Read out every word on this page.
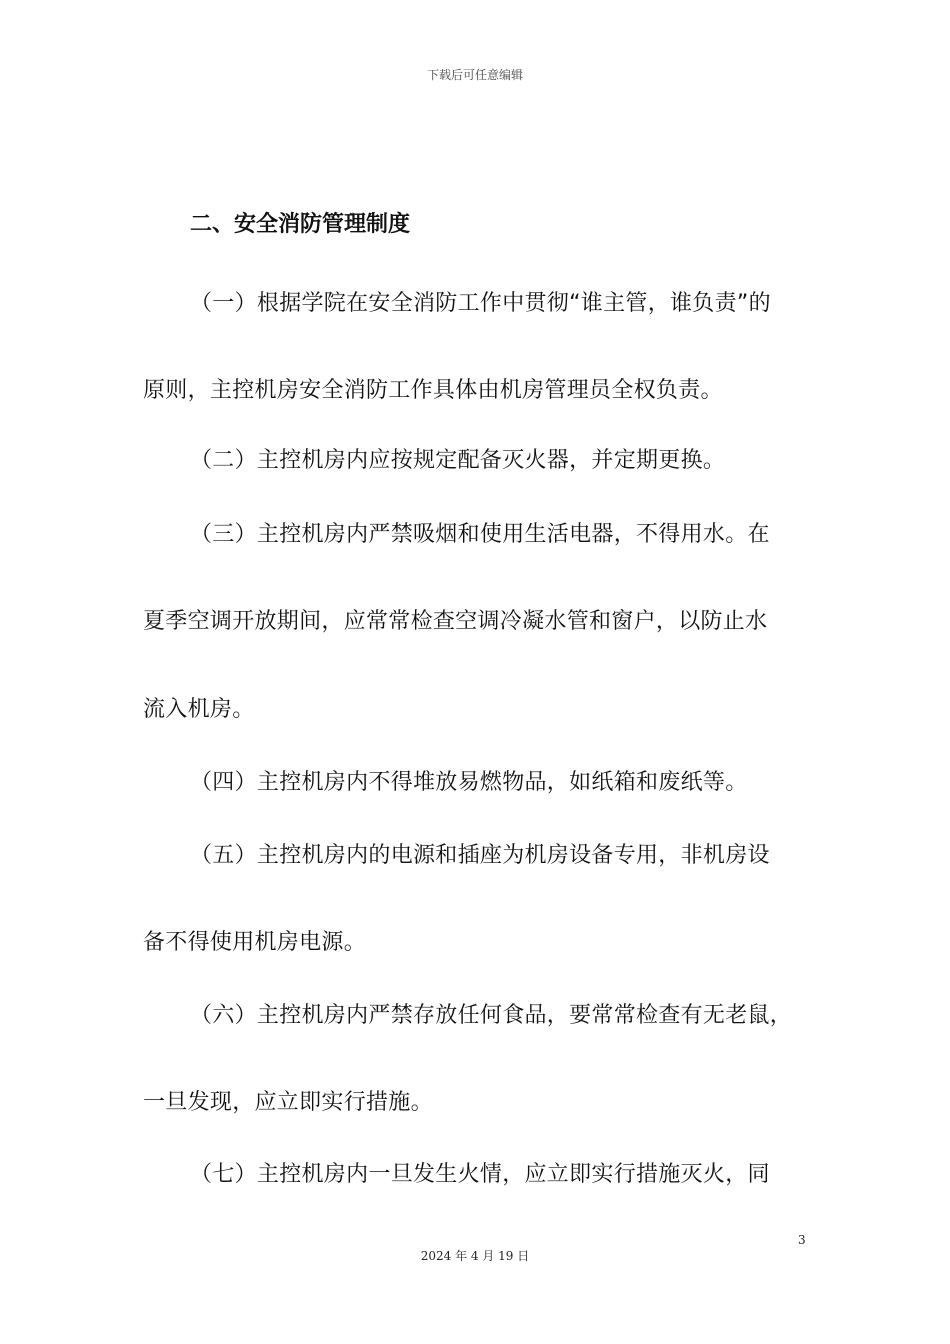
下载后可任意编辑
二、安全消防管理制度
（一）根据学院在安全消防工作中贯彻“谁主管，谁负责”的
原则，主控机房安全消防工作具体由机房管理员全权负责。
（二）主控机房内应按规定配备灭火器，并定期更换。
（三）主控机房内严禁吸烟和使用生活电器，不得用水。在
夏季空调开放期间，应常常检查空调冷凝水管和窗户，以防止水
流入机房。
（四）主控机房内不得堆放易燃物品，如纸箱和废纸等。
（五）主控机房内的电源和插座为机房设备专用，非机房设
备不得使用机房电源。
（六）主控机房内严禁存放任何食品，要常常检查有无老鼠，
一旦发现，应立即实行措施。
（七）主控机房内一旦发生火情，应立即实行措施灭火，同
3
2024 年 4 月 19 日
